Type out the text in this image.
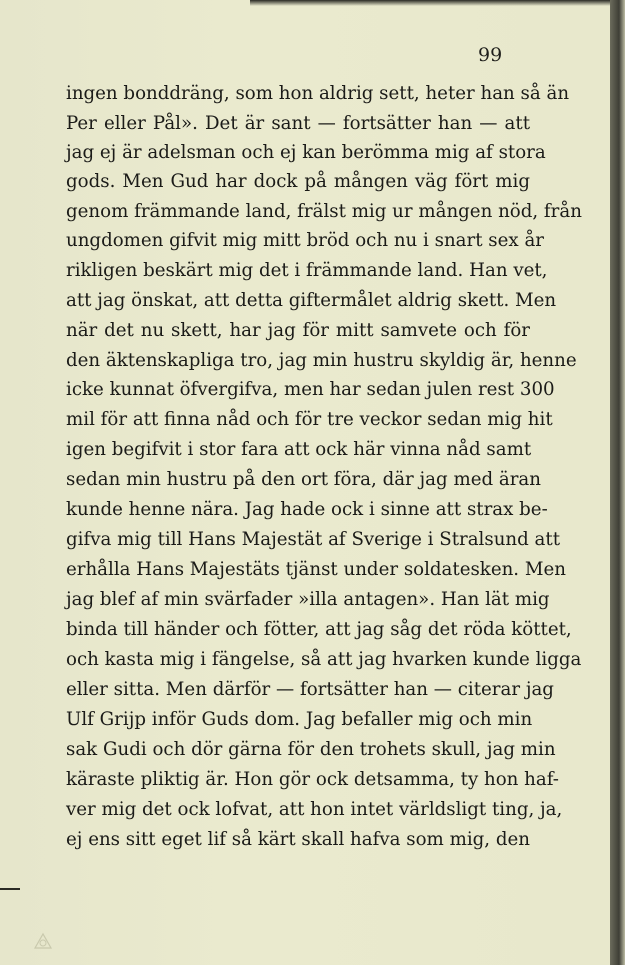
99
ingen bonddräng, som hon aldrig sett, heter han så än
Per eller Pål». Det är sant — fortsätter han — att
jag ej är adelsman och ej kan berömma mig af stora
gods. Men Gud har dock på mången väg fört mig
genom främmande land, frälst mig ur mången nöd, från
ungdomen gifvit mig mitt bröd och nu i snart sex år
rikligen beskärt mig det i främmande land. Han vet,
att jag önskat, att detta giftermålet aldrig skett. Men
när det nu skett, har jag för mitt samvete och för
den äktenskapliga tro, jag min hustru skyldig är, henne
icke kunnat öfvergifva, men har sedan julen rest 300
mil för att finna nåd och för tre veckor sedan mig hit
igen begifvit i stor fara att ock här vinna nåd samt
sedan min hustru på den ort föra, där jag med äran
kunde henne nära. Jag hade ock i sinne att strax be-
gifva mig till Hans Majestät af Sverige i Stralsund att
erhålla Hans Majestäts tjänst under soldatesken. Men
jag blef af min svärfader »illa antagen». Han lät mig
binda till händer och fötter, att jag såg det röda köttet,
och kasta mig i fängelse, så att jag hvarken kunde ligga
eller sitta. Men därför — fortsätter han — citerar jag
Ulf Grijp inför Guds dom. Jag befaller mig och min
sak Gudi och dör gärna för den trohets skull, jag min
käraste pliktig är. Hon gör ock detsamma, ty hon haf-
ver mig det ock lofvat, att hon intet världsligt ting, ja,
ej ens sitt eget lif så kärt skall hafva som mig, den
